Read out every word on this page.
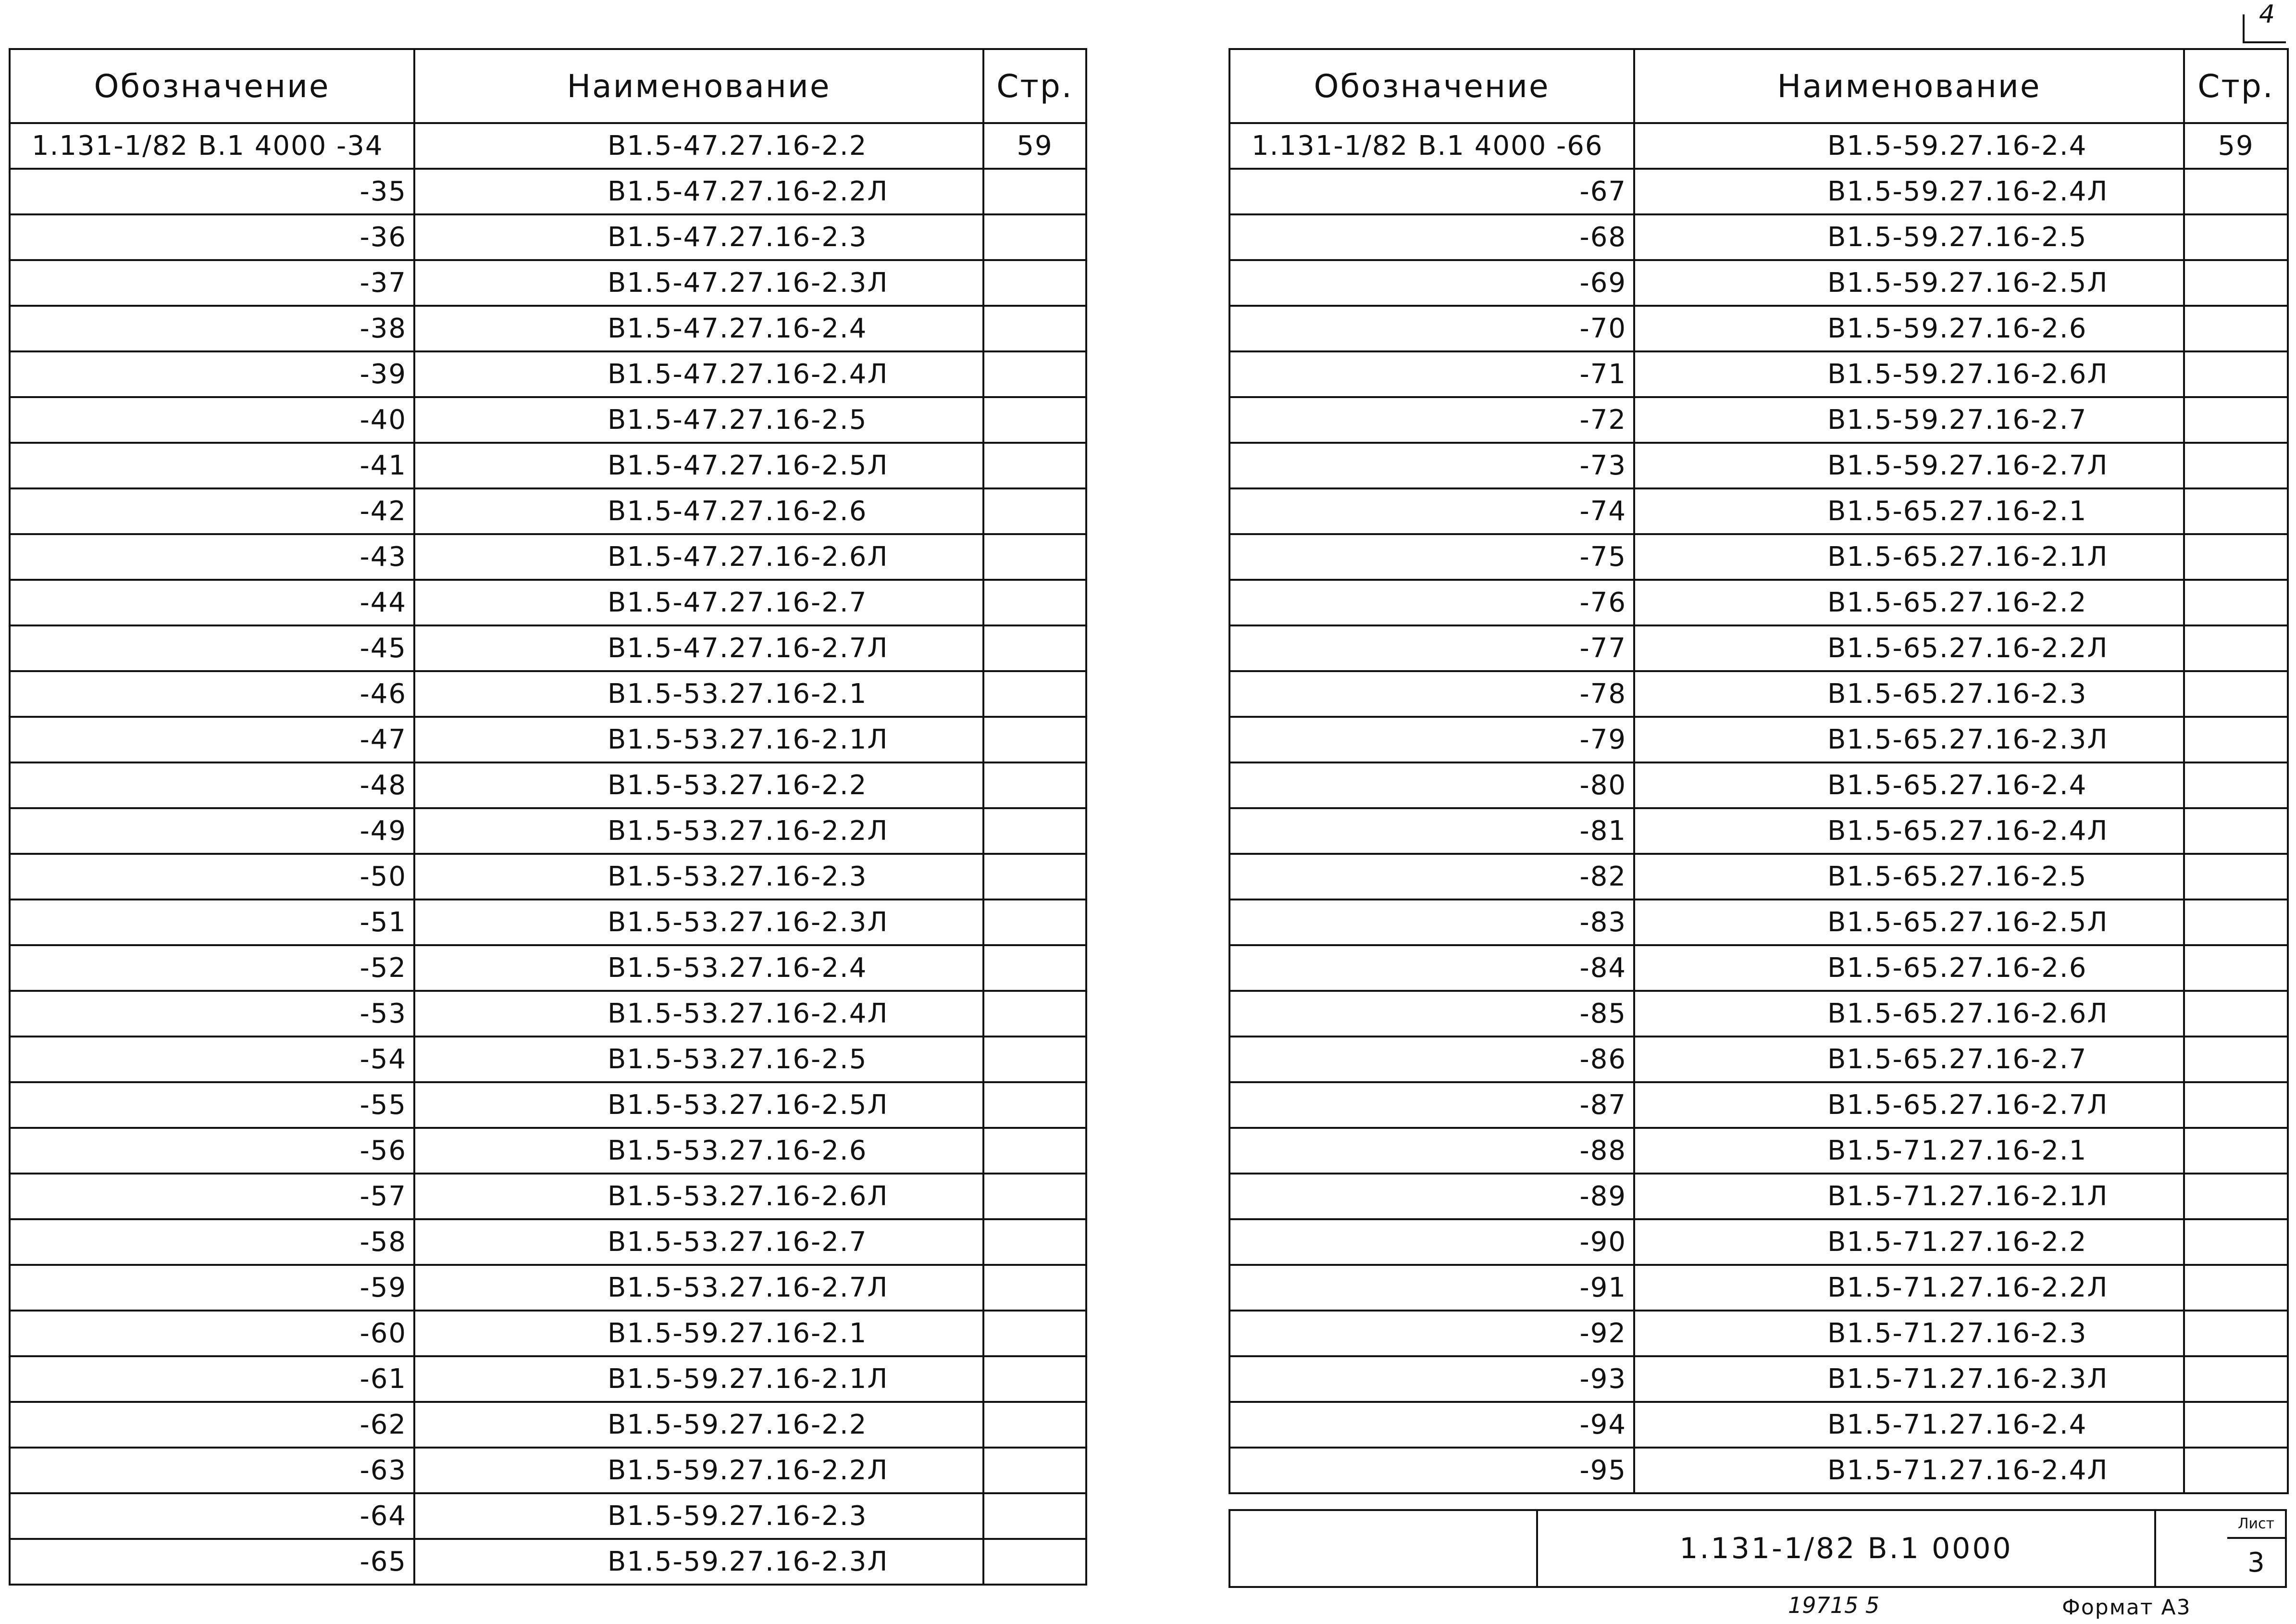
4
Обозначение	Наименование	Стр.
1.131-1/82 В.1 4000 -34	В1.5-47.27.16-2.2	59
-35	В1.5-47.27.16-2.2Л	
-36	В1.5-47.27.16-2.3	
-37	В1.5-47.27.16-2.3Л	
-38	В1.5-47.27.16-2.4	
-39	В1.5-47.27.16-2.4Л	
-40	В1.5-47.27.16-2.5	
-41	В1.5-47.27.16-2.5Л	
-42	В1.5-47.27.16-2.6	
-43	В1.5-47.27.16-2.6Л	
-44	В1.5-47.27.16-2.7	
-45	В1.5-47.27.16-2.7Л	
-46	В1.5-53.27.16-2.1	
-47	В1.5-53.27.16-2.1Л	
-48	В1.5-53.27.16-2.2	
-49	В1.5-53.27.16-2.2Л	
-50	В1.5-53.27.16-2.3	
-51	В1.5-53.27.16-2.3Л	
-52	В1.5-53.27.16-2.4	
-53	В1.5-53.27.16-2.4Л	
-54	В1.5-53.27.16-2.5	
-55	В1.5-53.27.16-2.5Л	
-56	В1.5-53.27.16-2.6	
-57	В1.5-53.27.16-2.6Л	
-58	В1.5-53.27.16-2.7	
-59	В1.5-53.27.16-2.7Л	
-60	В1.5-59.27.16-2.1	
-61	В1.5-59.27.16-2.1Л	
-62	В1.5-59.27.16-2.2	
-63	В1.5-59.27.16-2.2Л	
-64	В1.5-59.27.16-2.3	
-65	В1.5-59.27.16-2.3Л	
Обозначение	Наименование	Стр.
1.131-1/82 В.1 4000 -66	В1.5-59.27.16-2.4	59
-67	В1.5-59.27.16-2.4Л	
-68	В1.5-59.27.16-2.5	
-69	В1.5-59.27.16-2.5Л	
-70	В1.5-59.27.16-2.6	
-71	В1.5-59.27.16-2.6Л	
-72	В1.5-59.27.16-2.7	
-73	В1.5-59.27.16-2.7Л	
-74	В1.5-65.27.16-2.1	
-75	В1.5-65.27.16-2.1Л	
-76	В1.5-65.27.16-2.2	
-77	В1.5-65.27.16-2.2Л	
-78	В1.5-65.27.16-2.3	
-79	В1.5-65.27.16-2.3Л	
-80	В1.5-65.27.16-2.4	
-81	В1.5-65.27.16-2.4Л	
-82	В1.5-65.27.16-2.5	
-83	В1.5-65.27.16-2.5Л	
-84	В1.5-65.27.16-2.6	
-85	В1.5-65.27.16-2.6Л	
-86	В1.5-65.27.16-2.7	
-87	В1.5-65.27.16-2.7Л	
-88	В1.5-71.27.16-2.1	
-89	В1.5-71.27.16-2.1Л	
-90	В1.5-71.27.16-2.2	
-91	В1.5-71.27.16-2.2Л	
-92	В1.5-71.27.16-2.3	
-93	В1.5-71.27.16-2.3Л	
-94	В1.5-71.27.16-2.4	
-95	В1.5-71.27.16-2.4Л	
1.131-1/82 В.1 0000
Лист
3
19715 5	Формат А3
